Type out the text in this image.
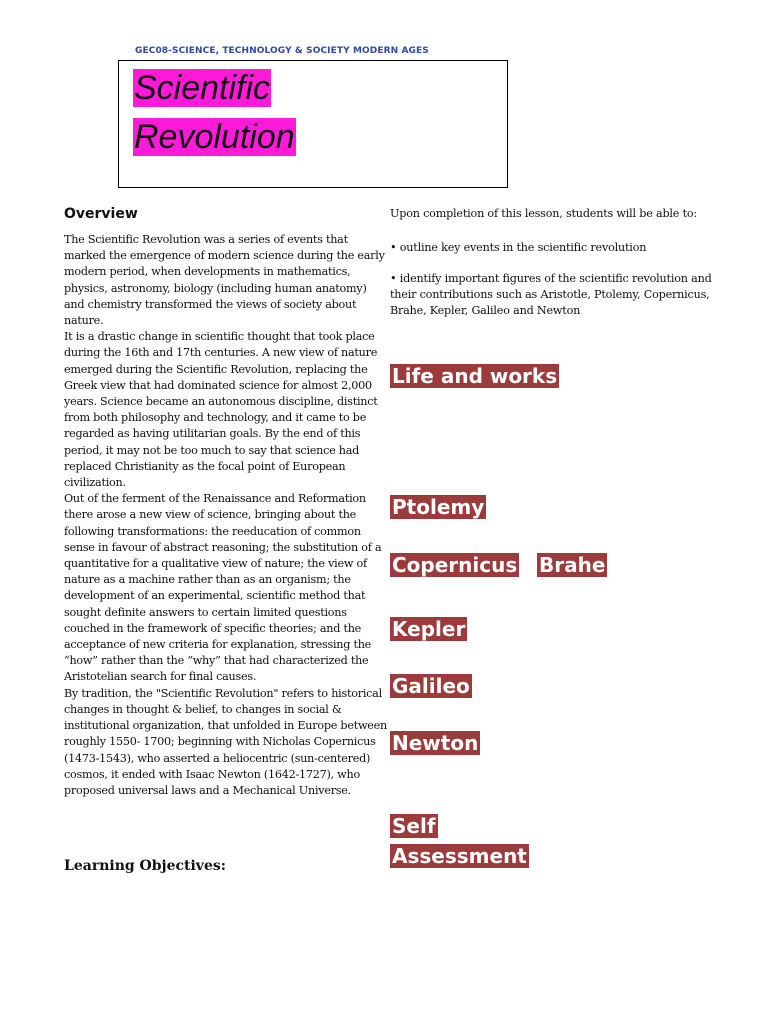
GEC08-SCIENCE, TECHNOLOGY & SOCIETY MODERN AGES
Scientific
Revolution
Overview

The Scientific Revolution was a series of events that marked the emergence of modern science during the early modern period, when developments in mathematics, physics, astronomy, biology (including human anatomy) and chemistry transformed the views of society about nature.

It is a drastic change in scientific thought that took place during the 16th and 17th centuries. A new view of nature emerged during the Scientific Revolution, replacing the Greek view that had dominated science for almost 2,000 years. Science became an autonomous discipline, distinct from both philosophy and technology, and it came to be regarded as having utilitarian goals. By the end of this period, it may not be too much to say that science had replaced Christianity as the focal point of European civilization.

Out of the ferment of the Renaissance and Reformation there arose a new view of science, bringing about the following transformations: the reeducation of common sense in favour of abstract reasoning; the substitution of a quantitative for a qualitative view of nature; the view of nature as a machine rather than as an organism; the development of an experimental, scientific method that sought definite answers to certain limited questions couched in the framework of specific theories; and the acceptance of new criteria for explanation, stressing the “how” rather than the “why” that had characterized the Aristotelian search for final causes.

By tradition, the "Scientific Revolution" refers to historical changes in thought & belief, to changes in social & institutional organization, that unfolded in Europe between roughly 1550- 1700; beginning with Nicholas Copernicus (1473-1543), who asserted a heliocentric (sun-centered) cosmos, it ended with Isaac Newton (1642-1727), who proposed universal laws and a Mechanical Universe.

Learning Objectives:

Upon completion of this lesson, students will be able to:

• outline key events in the scientific revolution

• identify important figures of the scientific revolution and their contributions such as Aristotle, Ptolemy, Copernicus, Brahe, Kepler, Galileo and Newton

Life and works
Ptolemy
Copernicus Brahe
Kepler
Galileo
Newton
Self
Assessment
